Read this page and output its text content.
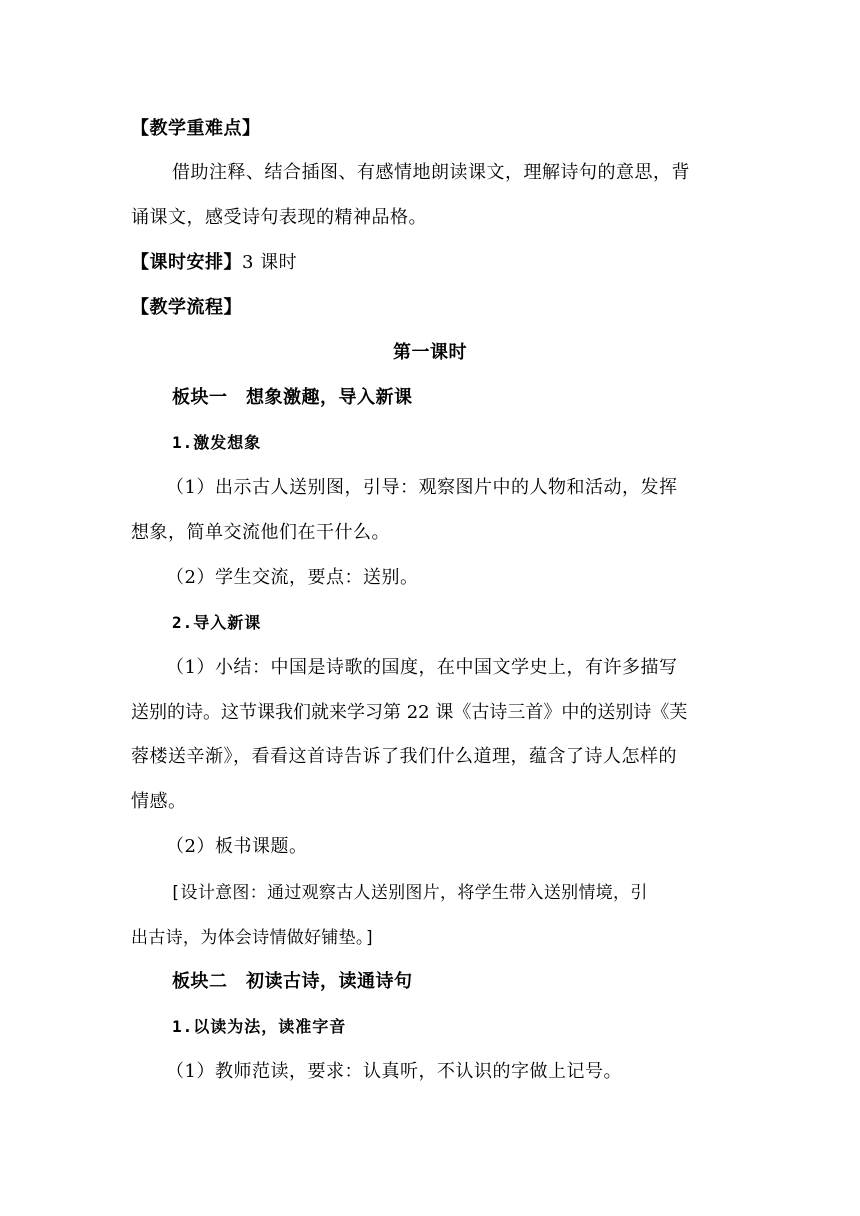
【教学重难点】
借助注释、结合插图、有感情地朗读课文，理解诗句的意思，背
诵课文，感受诗句表现的精神品格。
【课时安排】3 课时
【教学流程】
第一课时
板块一　想象激趣，导入新课
1.激发想象
（1）出示古人送别图，引导：观察图片中的人物和活动，发挥
想象，简单交流他们在干什么。
（2）学生交流，要点：送别。
2.导入新课
（1）小结：中国是诗歌的国度，在中国文学史上，有许多描写
送别的诗。这节课我们就来学习第 22 课《古诗三首》中的送别诗《芙
蓉楼送辛渐》，看看这首诗告诉了我们什么道理，蕴含了诗人怎样的
情感。
（2）板书课题。
[设计意图：通过观察古人送别图片，将学生带入送别情境，引
出古诗，为体会诗情做好铺垫。]
板块二　初读古诗，读通诗句
1.以读为法，读准字音
（1）教师范读，要求：认真听，不认识的字做上记号。
